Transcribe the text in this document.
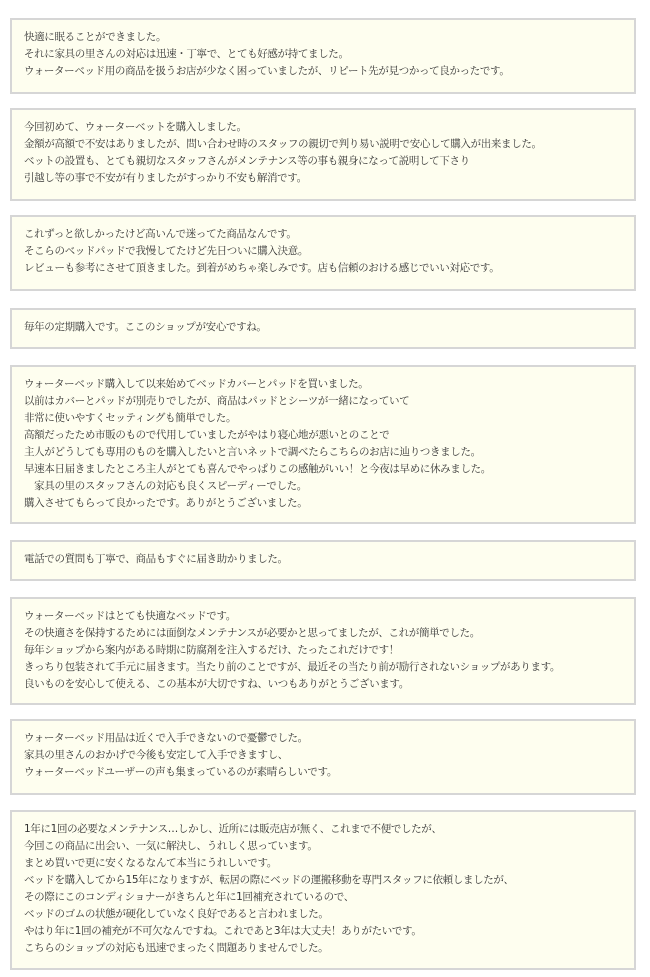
快適に眠ることができました。
それに家具の里さんの対応は迅速・丁寧で、とても好感が持てました。
ウォーターベッド用の商品を扱うお店が少なく困っていましたが、リピート先が見つかって良かったです。
今回初めて、ウォーターベットを購入しました。
金額が高額で不安はありましたが、問い合わせ時のスタッフの親切で判り易い説明で安心して購入が出来ました。
ベットの設置も、とても親切なスタッフさんがメンテナンス等の事も親身になって説明して下さり
引越し等の事で不安が有りましたがすっかり不安も解消です。
これずっと欲しかったけど高いんで迷ってた商品なんです。
そこらのベッドパッドで我慢してたけど先日ついに購入決意。
レビューも参考にさせて頂きました。到着がめちゃ楽しみです。店も信頼のおける感じでいい対応です。
毎年の定期購入です。ここのショップが安心ですね。
ウォーターベッド購入して以来始めてベッドカバーとパッドを買いました。
以前はカバーとパッドが別売りでしたが、商品はパッドとシーツが一緒になっていて
非常に使いやすくセッティングも簡単でした。
高額だったため市販のもので代用していましたがやはり寝心地が悪いとのことで
主人がどうしても専用のものを購入したいと言いネットで調べたらこちらのお店に辿りつきました。
早速本日届きましたところ主人がとても喜んでやっぱりこの感触がいい！と今夜は早めに休みました。
　家具の里のスタッフさんの対応も良くスピーディーでした。
購入させてもらって良かったです。ありがとうございました。
電話での質問も丁寧で、商品もすぐに届き助かりました。
ウォーターベッドはとても快適なベッドです。
その快適さを保持するためには面倒なメンテナンスが必要かと思ってましたが、これが簡単でした。
毎年ショップから案内がある時期に防腐剤を注入するだけ、たったこれだけです！
きっちり包装されて手元に届きます。当たり前のことですが、最近その当たり前が励行されないショップがあります。
良いものを安心して使える、この基本が大切ですね、いつもありがとうございます。
ウォーターベッド用品は近くで入手できないので憂鬱でした。
家具の里さんのおかげで今後も安定して入手できますし、
ウォーターベッドユーザーの声も集まっているのが素晴らしいです。
1年に1回の必要なメンテナンス…しかし、近所には販売店が無く、これまで不便でしたが、
今回この商品に出会い、一気に解決し、うれしく思っています。
まとめ買いで更に安くなるなんて本当にうれしいです。
ベッドを購入してから15年になりますが、転居の際にベッドの運搬移動を専門スタッフに依頼しましたが、
その際にこのコンディショナーがきちんと年に1回補充されているので、
ベッドのゴムの状態が硬化していなく良好であると言われました。
やはり年に1回の補充が不可欠なんですね。これであと3年は大丈夫！ありがたいです。
こちらのショップの対応も迅速でまったく問題ありませんでした。
